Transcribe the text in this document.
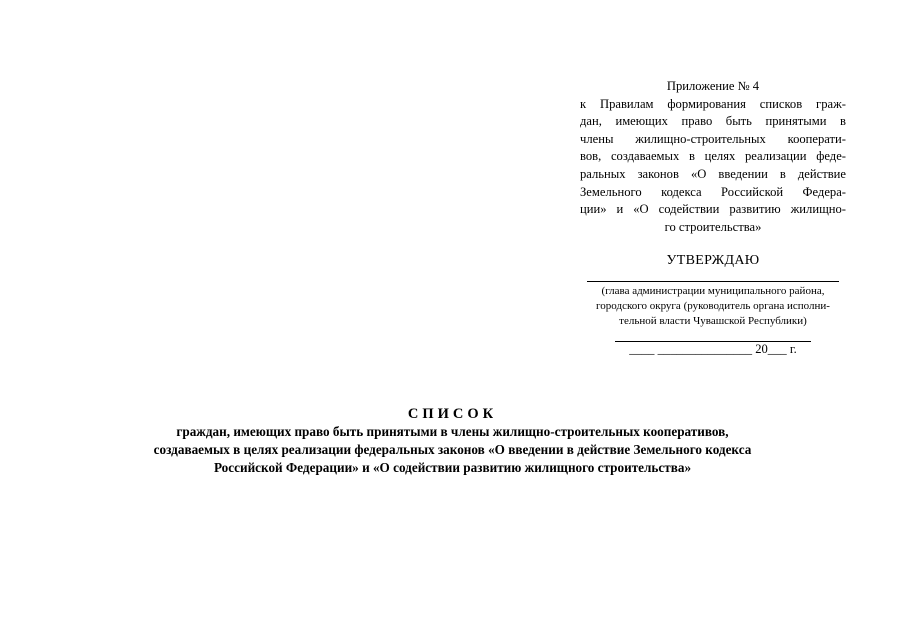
Приложение № 4
к Правилам формирования списков граж-
дан, имеющих право быть принятыми в
члены жилищно-строительных кооперати-
вов, создаваемых в целях реализации феде-
ральных законов «О введении в действие
Земельного кодекса Российской Федера-
ции» и «О содействии развитию жилищно-
го строительства»
УТВЕРЖДАЮ
(глава администрации муниципального района,
городского округа (руководитель органа исполни-
тельной власти Чувашской Республики)
____ _______________ 20___ г.
СПИСОК
граждан, имеющих право быть принятыми в члены жилищно-строительных кооперативов,
создаваемых в целях реализации федеральных законов «О введении в действие Земельного кодекса
Российской Федерации» и «О содействии развитию жилищного строительства»
